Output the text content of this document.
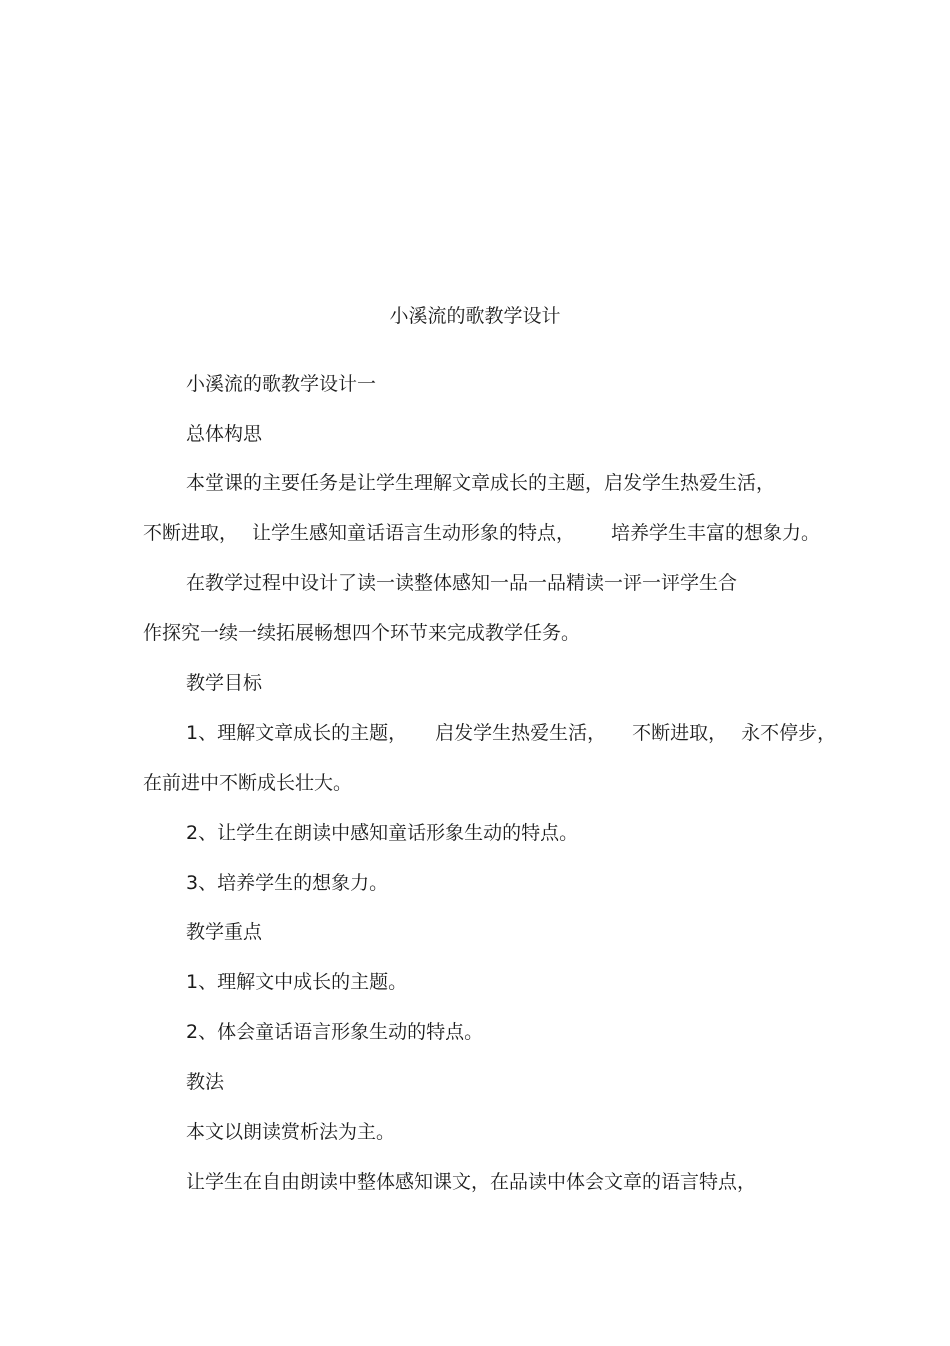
小溪流的歌教学设计
小溪流的歌教学设计一
总体构思
本堂课的主要任务是让学生理解文章成长的主题，启发学生热爱生活，
不断进取， 让学生感知童话语言生动形象的特点， 培养学生丰富的想象力。
在教学过程中设计了读一读整体感知一品一品精读一评一评学生合
作探究一续一续拓展畅想四个环节来完成教学任务。
教学目标
1、理解文章成长的主题， 启发学生热爱生活， 不断进取， 永不停步，
在前进中不断成长壮大。
2、让学生在朗读中感知童话形象生动的特点。
3、培养学生的想象力。
教学重点
1、理解文中成长的主题。
2、体会童话语言形象生动的特点。
教法
本文以朗读赏析法为主。
让学生在自由朗读中整体感知课文，在品读中体会文章的语言特点，
